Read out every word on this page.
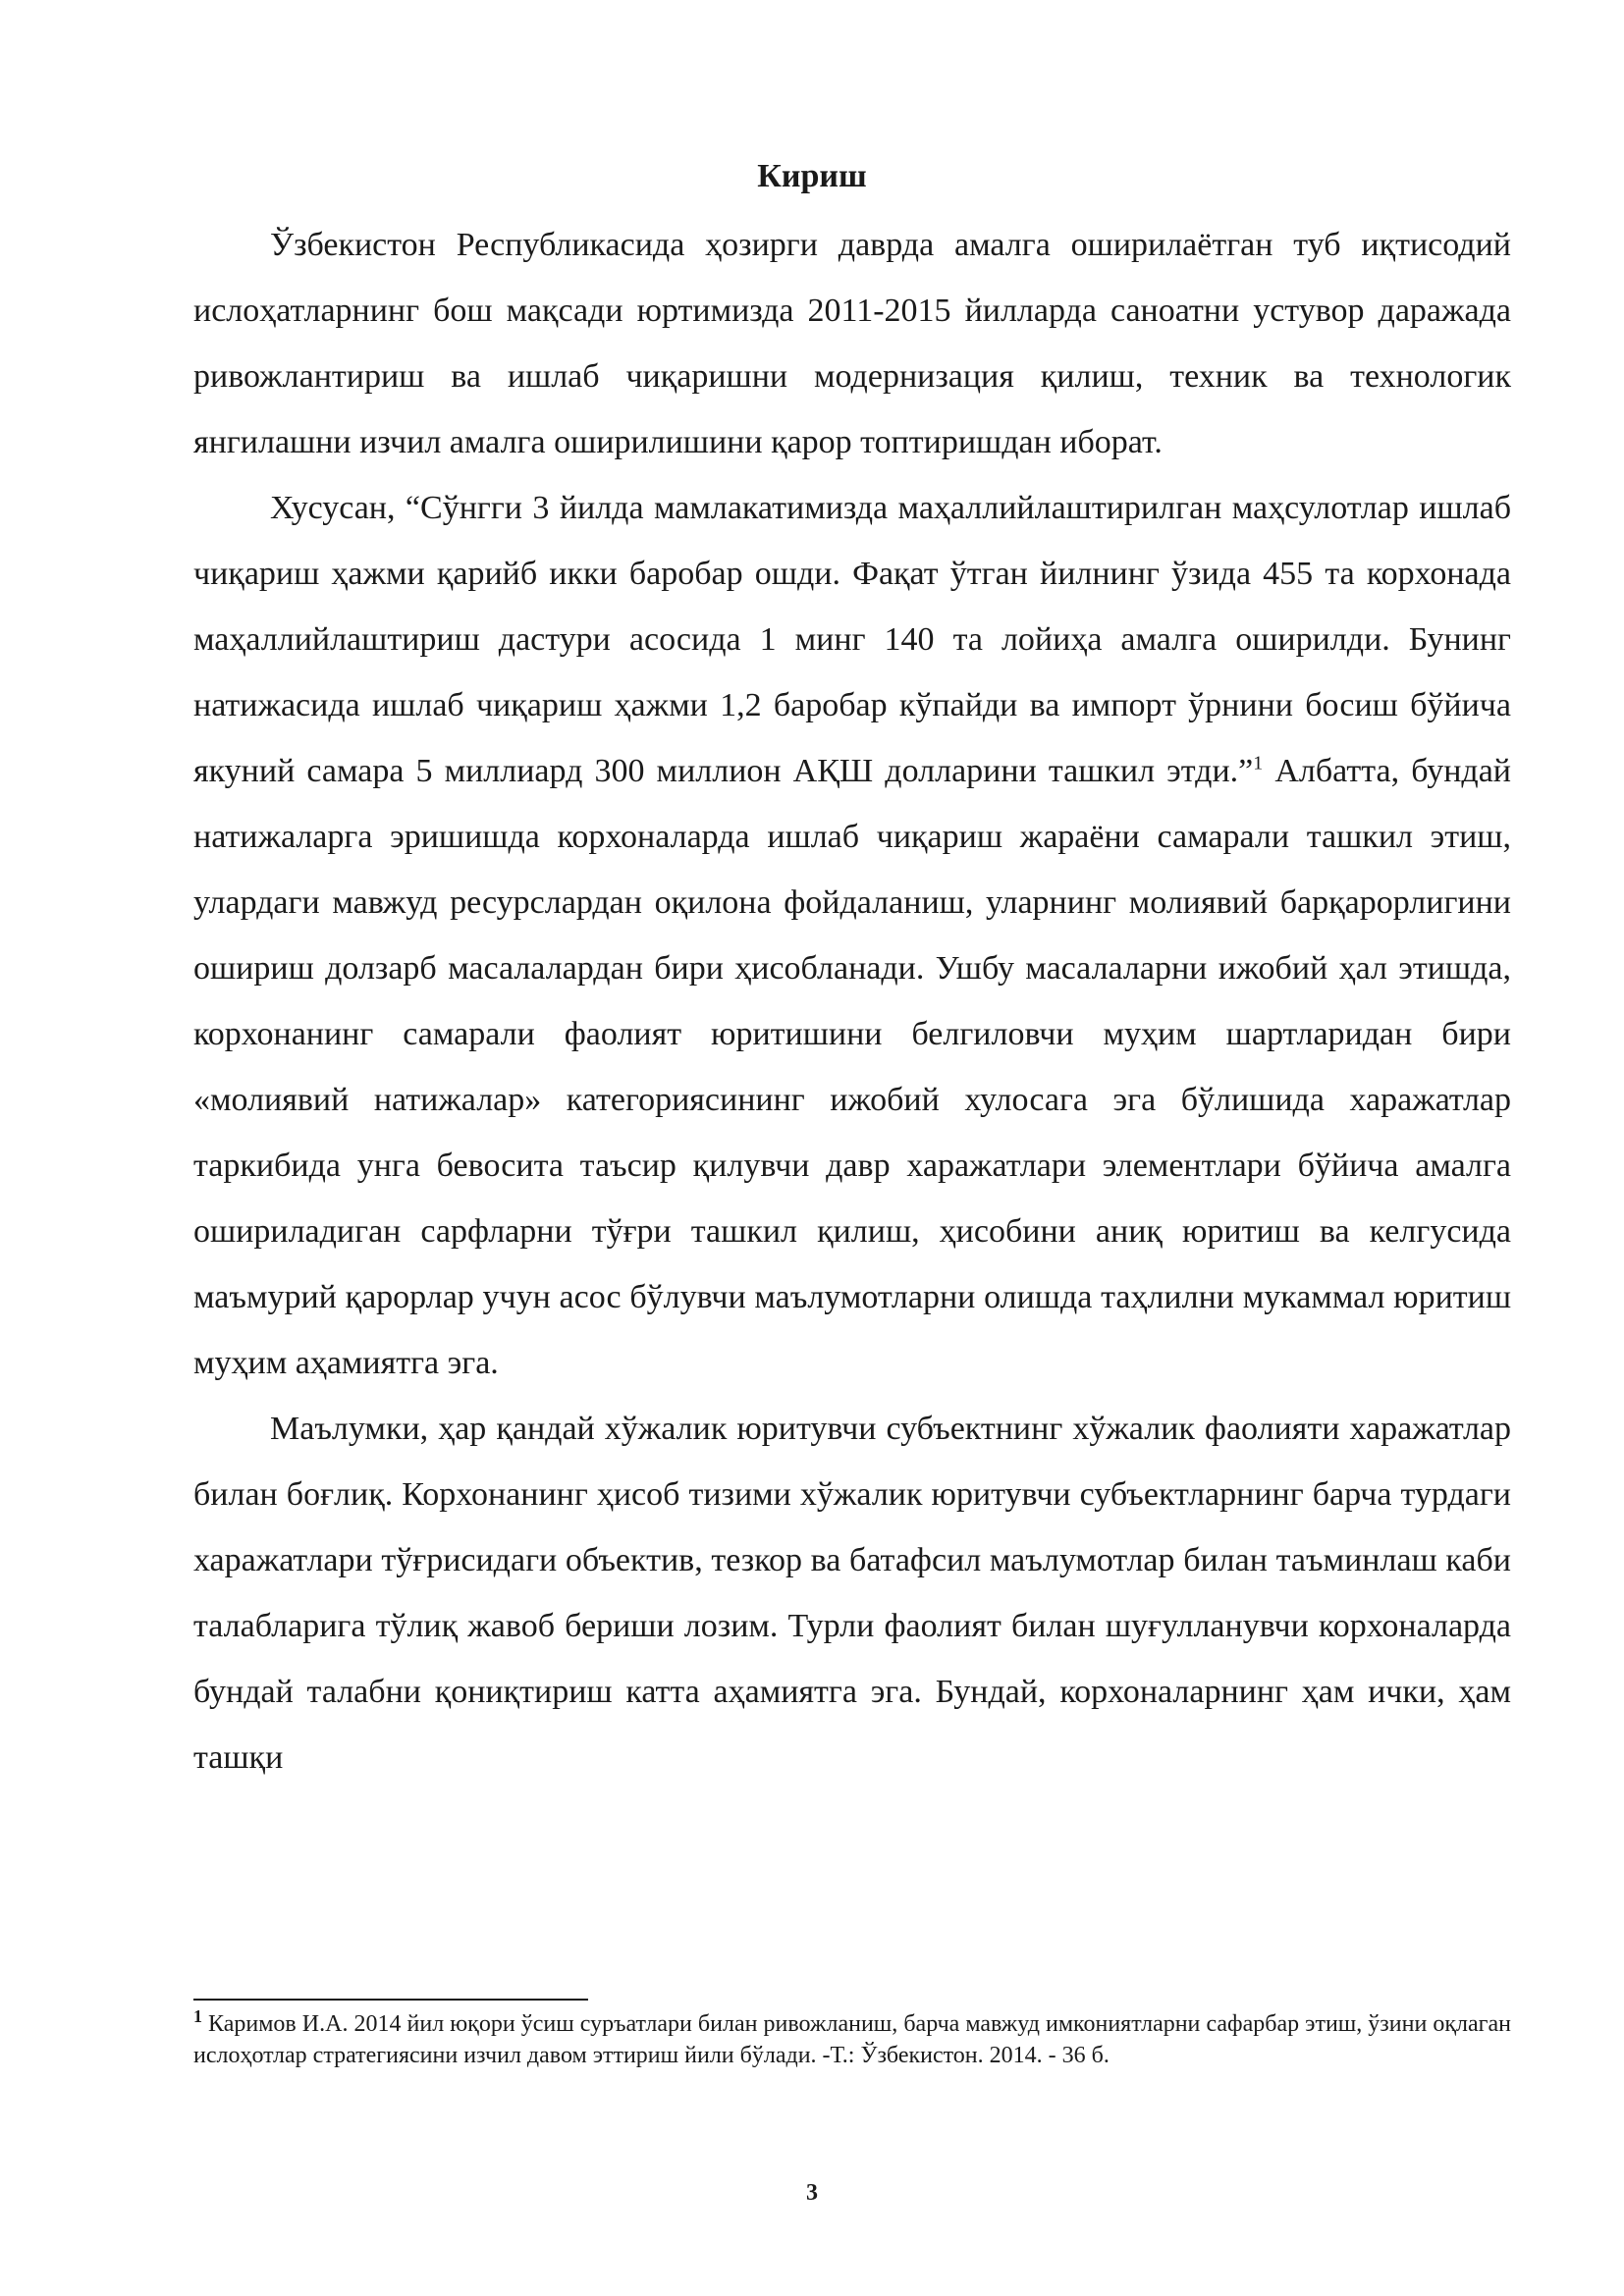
Кириш

Ўзбекистон Республикасида ҳозирги даврда амалга оширилаётган туб иқтисодий ислоҳатларнинг бош мақсади юртимизда 2011-2015 йилларда саноатни устувор даражада ривожлантириш ва ишлаб чиқаришни модернизация қилиш, техник ва технологик янгилашни изчил амалга оширилишини қарор топтиришдан иборат.

Хусусан, “Сўнгги 3 йилда мамлакатимизда маҳаллийлаштирилган маҳсулотлар ишлаб чиқариш ҳажми қарийб икки баробар ошди. Фақат ўтган йилнинг ўзида 455 та корхонада маҳаллийлаштириш дастури асосида 1 минг 140 та лойиҳа амалга оширилди. Бунинг натижасида ишлаб чиқариш ҳажми 1,2 баробар кўпайди ва импорт ўрнини босиш бўйича якуний самара 5 миллиард 300 миллион АҚШ долларини ташкил этди.”$^1$ Албатта, бундай натижаларга эришишда корхоналарда ишлаб чиқариш жараёни самарали ташкил этиш, улардаги мавжуд ресурслардан оқилона фойдаланиш, уларнинг молиявий барқарорлигини ошириш долзарб масалалардан бири ҳисобланади. Ушбу масалаларни ижобий ҳал этишда, корхонанинг самарали фаолият юритишини белгиловчи муҳим шартларидан бири «молиявий натижалар» категориясининг ижобий хулосага эга бўлишида харажатлар таркибида унга бевосита таъсир қилувчи давр харажатлари элементлари бўйича амалга ошириладиган сарфларни тўғри ташкил қилиш, ҳисобини аниқ юритиш ва келгусида маъмурий қарорлар учун асос бўлувчи маълумотларни олишда таҳлилни мукаммал юритиш муҳим аҳамиятга эга.

Маълумки, ҳар қандай хўжалик юритувчи субъектнинг хўжалик фаолияти харажатлар билан боғлиқ. Корхонанинг ҳисоб тизими хўжалик юритувчи субъектларнинг барча турдаги харажатлари тўғрисидаги объектив, тезкор ва батафсил маълумотлар билан таъминлаш каби талабларига тўлиқ жавоб бериши лозим. Турли фаолият билан шуғулланувчи корхоналарда бундай талабни қониқтириш катта аҳамиятга эга. Бундай, корхоналарнинг ҳам ички, ҳам ташқи

$^1$ Каримов И.А. 2014 йил юқори ўсиш суръатлари билан ривожланиш, барча мавжуд имкониятларни сафарбар этиш, ўзини оқлаган ислоҳотлар стратегиясини изчил давом эттириш йили бўлади. -Т.: Ўзбекистон. 2014. - 36 б.

3
